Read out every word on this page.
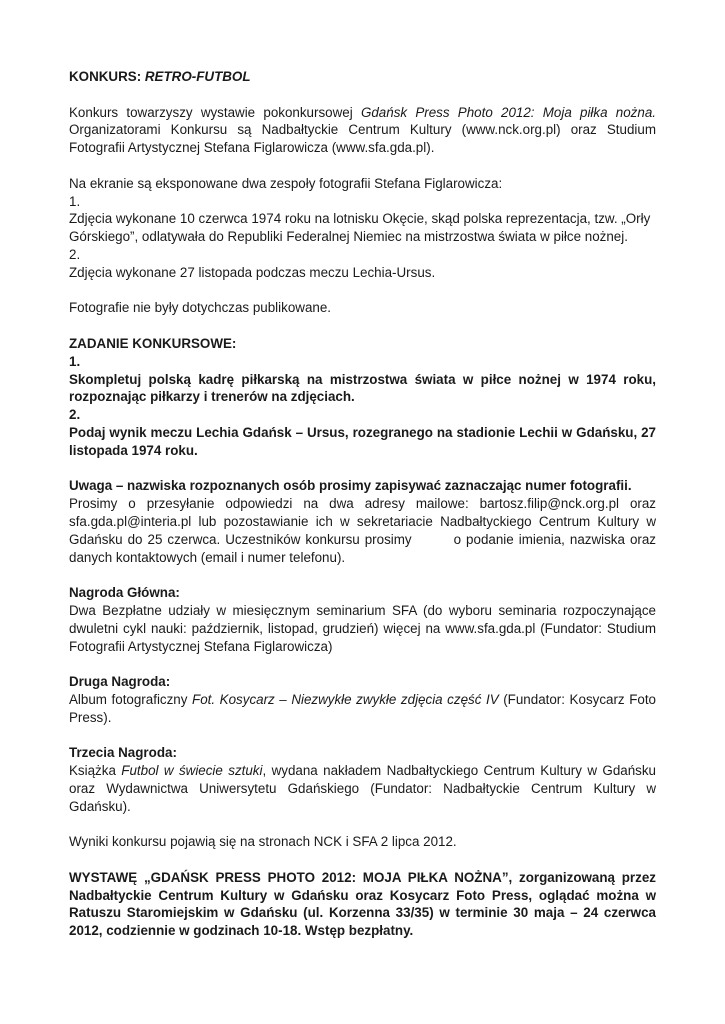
KONKURS: RETRO-FUTBOL

Konkurs towarzyszy wystawie pokonkursowej Gdańsk Press Photo 2012: Moja piłka nożna. Organizatorami Konkursu są Nadbałtyckie Centrum Kultury (www.nck.org.pl) oraz Studium Fotografii Artystycznej Stefana Figlarowicza (www.sfa.gda.pl).

Na ekranie są eksponowane dwa zespoły fotografii Stefana Figlarowicza:

1.

Zdjęcia wykonane 10 czerwca 1974 roku na lotnisku Okęcie, skąd polska reprezentacja, tzw. „Orły Górskiego”, odlatywała do Republiki Federalnej Niemiec na mistrzostwa świata w piłce nożnej.

2.

Zdjęcia wykonane 27 listopada podczas meczu Lechia-Ursus.

Fotografie nie były dotychczas publikowane.

ZADANIE KONKURSOWE:

1.

Skompletuj polską kadrę piłkarską na mistrzostwa świata w piłce nożnej w 1974 roku, rozpoznając piłkarzy i trenerów na zdjęciach.

2.

Podaj wynik meczu Lechia Gdańsk – Ursus, rozegranego na stadionie Lechii w Gdańsku, 27 listopada 1974 roku.

Uwaga – nazwiska rozpoznanych osób prosimy zapisywać zaznaczając numer fotografii.

Prosimy o przesyłanie odpowiedzi na dwa adresy mailowe: bartosz.filip@nck.org.pl oraz sfa.gda.pl@interia.pl lub pozostawianie ich w sekretariacie Nadbałtyckiego Centrum Kultury w Gdańsku do 25 czerwca. Uczestników konkursu prosimy	o podanie imienia, nazwiska oraz danych kontaktowych (email i numer telefonu).

Nagroda Główna:

Dwa Bezpłatne udziały w miesięcznym seminarium SFA (do wyboru seminaria rozpoczynające dwuletni cykl nauki: październik, listopad, grudzień) więcej na www.sfa.gda.pl (Fundator: Studium Fotografii Artystycznej Stefana Figlarowicza)

Druga Nagroda:

Album fotograficzny Fot. Kosycarz – Niezwykłe zwykłe zdjęcia część IV (Fundator: Kosycarz Foto Press).

Trzecia Nagroda:

Książka Futbol w świecie sztuki, wydana nakładem Nadbałtyckiego Centrum Kultury w Gdańsku oraz Wydawnictwa Uniwersytetu Gdańskiego (Fundator: Nadbałtyckie Centrum Kultury w Gdańsku).

Wyniki konkursu pojawią się na stronach NCK i SFA 2 lipca 2012.

WYSTAWĘ „GDAŃSK PRESS PHOTO 2012: MOJA PIŁKA NOŻNA”, zorganizowaną przez Nadbałtyckie Centrum Kultury w Gdańsku oraz Kosycarz Foto Press, oglądać można w Ratuszu Staromiejskim w Gdańsku (ul. Korzenna 33/35) w terminie 30 maja – 24 czerwca 2012, codziennie w godzinach 10-18. Wstęp bezpłatny.
